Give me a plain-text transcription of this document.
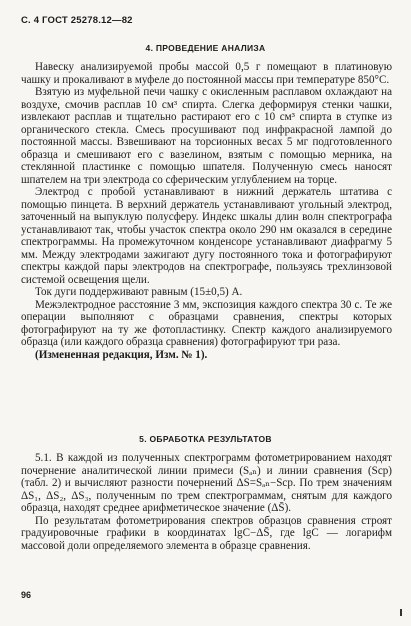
С. 4 ГОСТ 25278.12—82
4. ПРОВЕДЕНИЕ АНАЛИЗА

Навеску анализируемой пробы массой 0,5 г помещают в платиновую чашку и прокаливают в муфеле до постоянной массы при температуре 850°С.

Взятую из муфельной печи чашку с окисленным расплавом охлаждают на воздухе, смочив расплав 10 см³ спирта. Слегка деформируя стенки чашки, извлекают расплав и тщательно растирают его с 10 см³ спирта в ступке из органического стекла. Смесь просушивают под инфракрасной лампой до постоянной массы. Взвешивают на торсионных весах 5 мг подготовленного образца и смешивают его с вазелином, взятым с помощью мерника, на стеклянной пластинке с помощью шпателя. Полученную смесь наносят шпателем на три электрода со сферическим углублением на торце.

Электрод с пробой устанавливают в нижний держатель штатива с помощью пинцета. В верхний держатель устанавливают угольный электрод, заточенный на выпуклую полусферу. Индекс шкалы длин волн спектрографа устанавливают так, чтобы участок спектра около 290 нм оказался в середине спектрограммы. На промежуточном конденсоре устанавливают диафрагму 5 мм. Между электродами зажигают дугу постоянного тока и фотографируют спектры каждой пары электродов на спектрографе, пользуясь трехлинзовой системой освещения щели.

Ток дуги поддерживают равным (15±0,5) А.

Межэлектродное расстояние 3 мм, экспозиция каждого спектра 30 с. Те же операции выполняют с образцами сравнения, спектры которых фотографируют на ту же фотопластинку. Спектр каждого анализируемого образца (или каждого образца сравнения) фотографируют три раза.

(Измененная редакция, Изм. № 1).

5. ОБРАБОТКА РЕЗУЛЬТАТОВ

5.1. В каждой из полученных спектрограмм фотометрированием находят почернение аналитической линии примеси (Sₐₙ) и линии сравнения (Sср) (табл. 2) и вычисляют разности почернений ΔS=Sₐₙ−Sср. По трем значениям ΔS₁, ΔS₂, ΔS₃, полученным по трем спектрограммам, снятым для каждого образца, находят среднее арифметическое значение (ΔS̄).

По результатам фотометрирования спектров образцов сравнения строят градуировочные графики в координатах lgC−ΔS̄, где lgC — логарифм массовой доли определяемого элемента в образце сравнения.

96
